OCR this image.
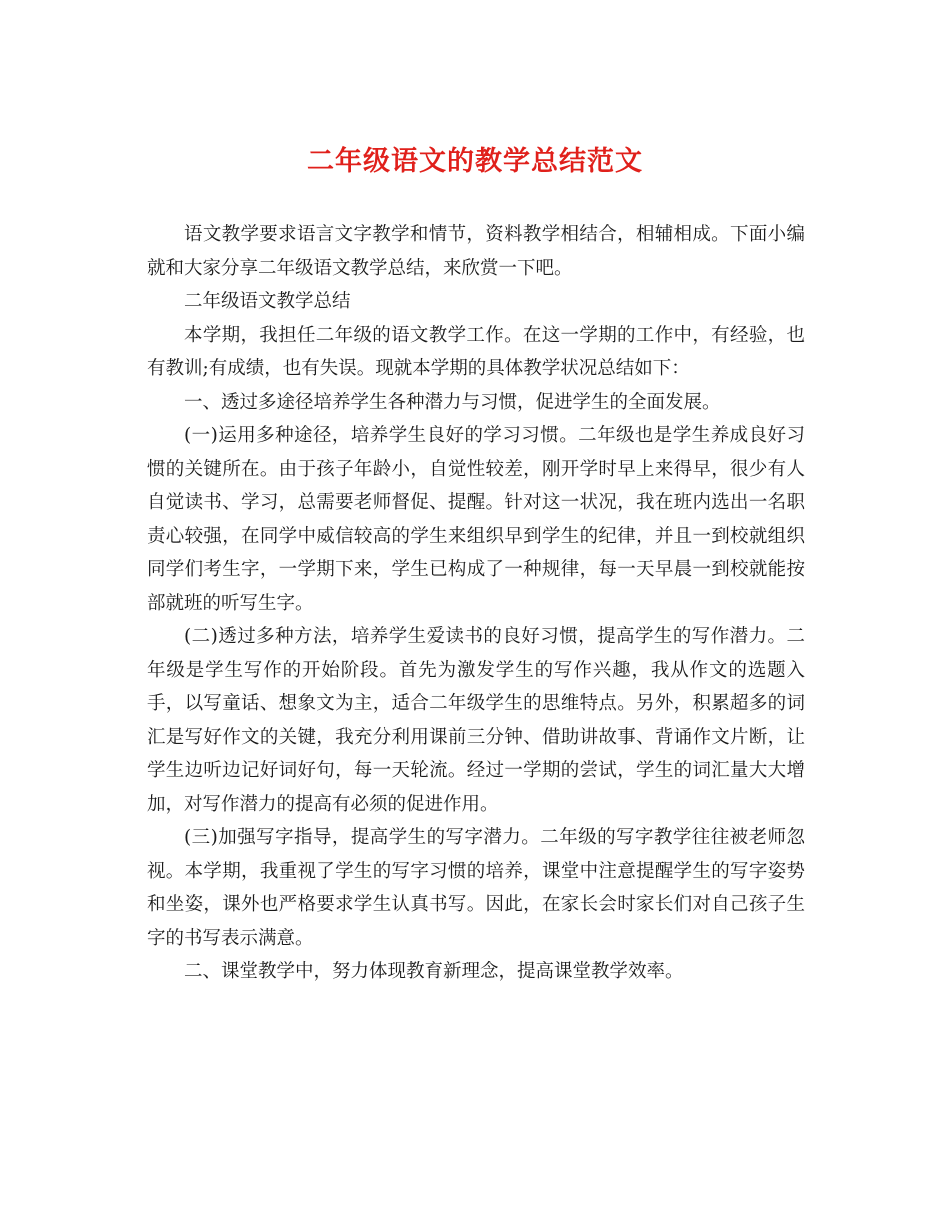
二年级语文的教学总结范文

语文教学要求语言文字教学和情节，资料教学相结合，相辅相成。下面小编就和大家分享二年级语文教学总结，来欣赏一下吧。

二年级语文教学总结

本学期，我担任二年级的语文教学工作。在这一学期的工作中，有经验，也有教训;有成绩，也有失误。现就本学期的具体教学状况总结如下：

一、透过多途径培养学生各种潜力与习惯，促进学生的全面发展。

(一)运用多种途径，培养学生良好的学习习惯。二年级也是学生养成良好习惯的关键所在。由于孩子年龄小，自觉性较差，刚开学时早上来得早，很少有人自觉读书、学习，总需要老师督促、提醒。针对这一状况，我在班内选出一名职责心较强，在同学中威信较高的学生来组织早到学生的纪律，并且一到校就组织同学们考生字，一学期下来，学生已构成了一种规律，每一天早晨一到校就能按部就班的听写生字。

(二)透过多种方法，培养学生爱读书的良好习惯，提高学生的写作潜力。二年级是学生写作的开始阶段。首先为激发学生的写作兴趣，我从作文的选题入手，以写童话、想象文为主，适合二年级学生的思维特点。另外，积累超多的词汇是写好作文的关键，我充分利用课前三分钟、借助讲故事、背诵作文片断，让学生边听边记好词好句，每一天轮流。经过一学期的尝试，学生的词汇量大大增加，对写作潜力的提高有必须的促进作用。

(三)加强写字指导，提高学生的写字潜力。二年级的写字教学往往被老师忽视。本学期，我重视了学生的写字习惯的培养，课堂中注意提醒学生的写字姿势和坐姿，课外也严格要求学生认真书写。因此，在家长会时家长们对自己孩子生字的书写表示满意。

二、课堂教学中，努力体现教育新理念，提高课堂教学效率。
